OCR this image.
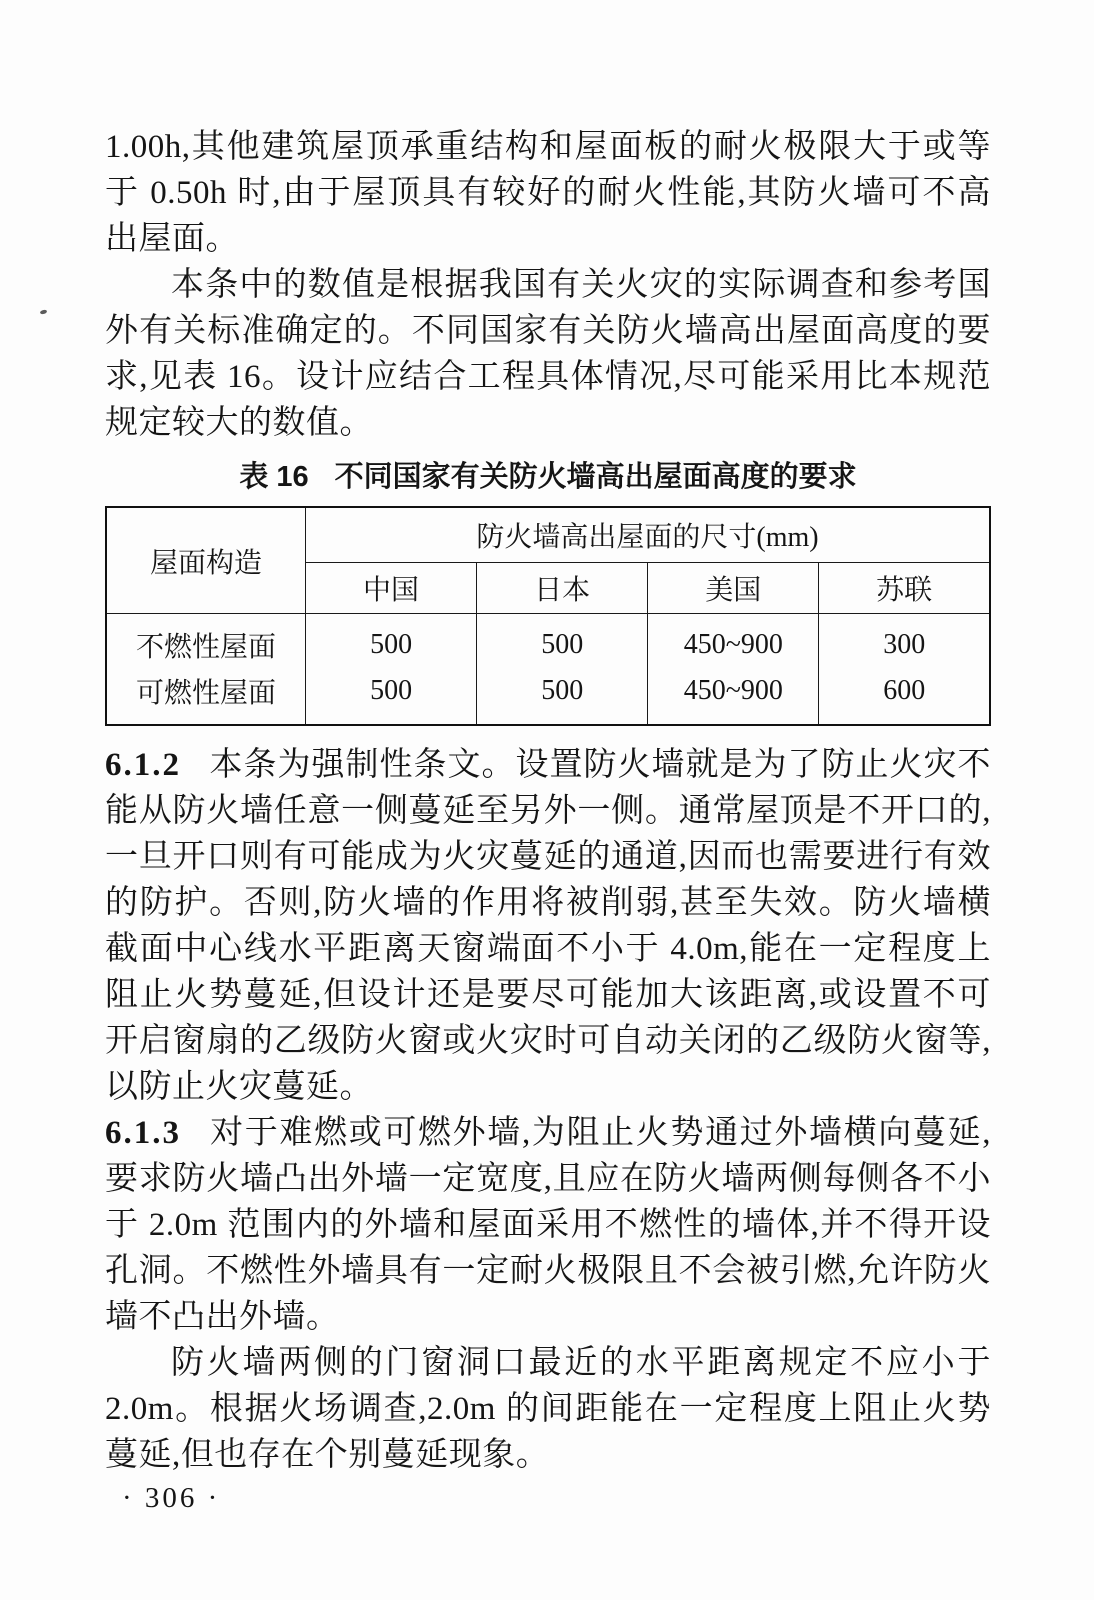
1.00h,其他建筑屋顶承重结构和屋面板的耐火极限大于或等
于 0.50h 时,由于屋顶具有较好的耐火性能,其防火墙可不高
出屋面。
本条中的数值是根据我国有关火灾的实际调查和参考国
外有关标准确定的。不同国家有关防火墙高出屋面高度的要
求,见表 16。设计应结合工程具体情况,尽可能采用比本规范
规定较大的数值。
表 16 不同国家有关防火墙高出屋面高度的要求
屋面构造	防火墙高出屋面的尺寸(mm)			
	中国	日本	美国	苏联
不燃性屋面	500	500	450~900	300
可燃性屋面	500	500	450~900	600
6.1.2 本条为强制性条文。设置防火墙就是为了防止火灾不
能从防火墙任意一侧蔓延至另外一侧。通常屋顶是不开口的,
一旦开口则有可能成为火灾蔓延的通道,因而也需要进行有效
的防护。否则,防火墙的作用将被削弱,甚至失效。防火墙横
截面中心线水平距离天窗端面不小于 4.0m,能在一定程度上
阻止火势蔓延,但设计还是要尽可能加大该距离,或设置不可
开启窗扇的乙级防火窗或火灾时可自动关闭的乙级防火窗等,
以防止火灾蔓延。
6.1.3 对于难燃或可燃外墙,为阻止火势通过外墙横向蔓延,
要求防火墙凸出外墙一定宽度,且应在防火墙两侧每侧各不小
于 2.0m 范围内的外墙和屋面采用不燃性的墙体,并不得开设
孔洞。不燃性外墙具有一定耐火极限且不会被引燃,允许防火
墙不凸出外墙。
防火墙两侧的门窗洞口最近的水平距离规定不应小于
2.0m。根据火场调查,2.0m 的间距能在一定程度上阻止火势
蔓延,但也存在个别蔓延现象。
· 306 ·
